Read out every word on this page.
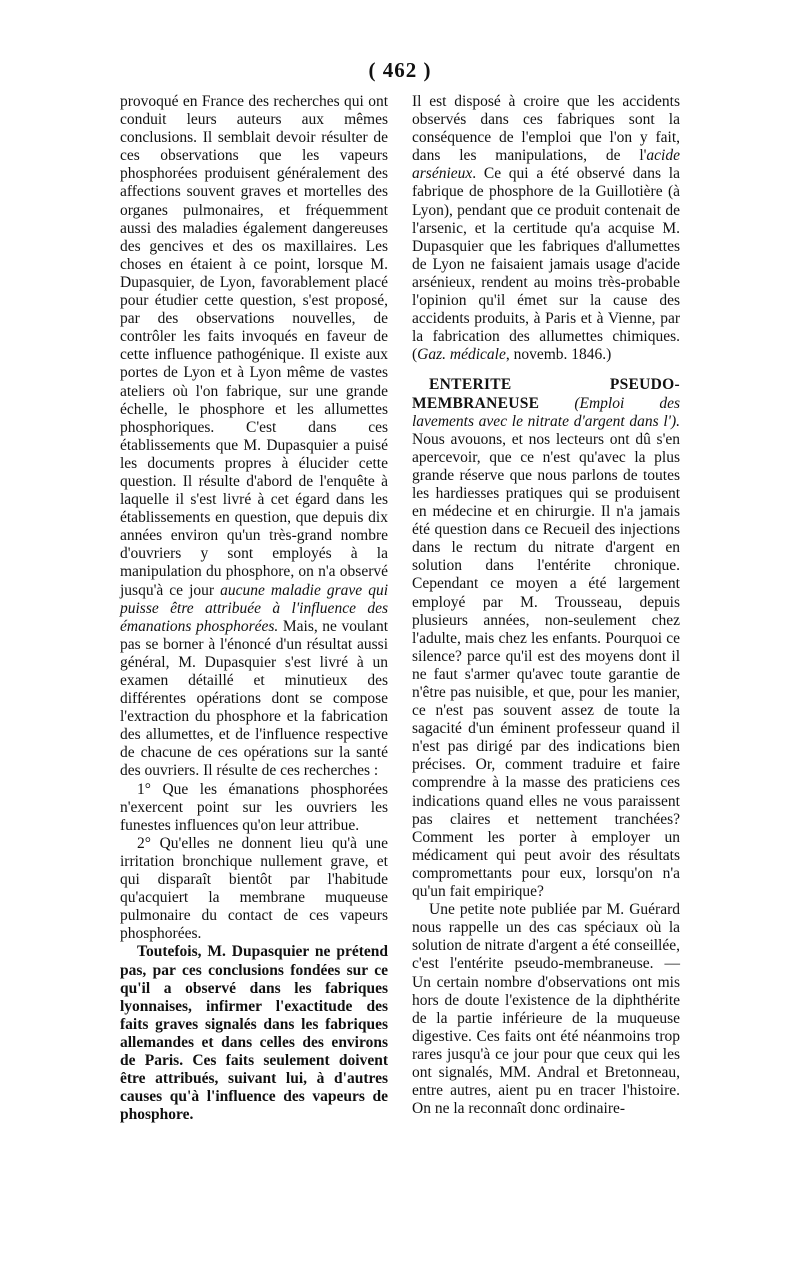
( 462 )

provoqué en France des recherches qui ont conduit leurs auteurs aux mêmes conclusions. Il semblait devoir résulter de ces observations que les vapeurs phosphorées produisent généralement des affections souvent graves et mortelles des organes pulmonaires, et fréquemment aussi des maladies également dangereuses des gencives et des os maxillaires. Les choses en étaient à ce point, lorsque M. Dupasquier, de Lyon, favorablement placé pour étudier cette question, s'est proposé, par des observations nouvelles, de contrôler les faits invoqués en faveur de cette influence pathogénique. Il existe aux portes de Lyon et à Lyon même de vastes ateliers où l'on fabrique, sur une grande échelle, le phosphore et les allumettes phosphoriques. C'est dans ces établissements que M. Dupasquier a puisé les documents propres à élucider cette question. Il résulte d'abord de l'enquête à laquelle il s'est livré à cet égard dans les établissements en question, que depuis dix années environ qu'un très-grand nombre d'ouvriers y sont employés à la manipulation du phosphore, on n'a observé jusqu'à ce jour aucune maladie grave qui puisse être attribuée à l'influence des émanations phosphorées. Mais, ne voulant pas se borner à l'énoncé d'un résultat aussi général, M. Dupasquier s'est livré à un examen détaillé et minutieux des différentes opérations dont se compose l'extraction du phosphore et la fabrication des allumettes, et de l'influence respective de chacune de ces opérations sur la santé des ouvriers. Il résulte de ces recherches :

1° Que les émanations phosphorées n'exercent point sur les ouvriers les funestes influences qu'on leur attribue.

2° Qu'elles ne donnent lieu qu'à une irritation bronchique nullement grave, et qui disparaît bientôt par l'habitude qu'acquiert la membrane muqueuse pulmonaire du contact de ces vapeurs phosphorées.

Toutefois, M. Dupasquier ne prétend pas, par ces conclusions fondées sur ce qu'il a observé dans les fabriques lyonnaises, infirmer l'exactitude des faits graves signalés dans les fabriques allemandes et dans celles des environs de Paris. Ces faits seulement doivent être attribués, suivant lui, à d'autres causes qu'à l'influence des vapeurs de phosphore.

Il est disposé à croire que les accidents observés dans ces fabriques sont la conséquence de l'emploi que l'on y fait, dans les manipulations, de l'acide arsénieux. Ce qui a été observé dans la fabrique de phosphore de la Guillotière (à Lyon), pendant que ce produit contenait de l'arsenic, et la certitude qu'a acquise M. Dupasquier que les fabriques d'allumettes de Lyon ne faisaient jamais usage d'acide arsénieux, rendent au moins très-probable l'opinion qu'il émet sur la cause des accidents produits, à Paris et à Vienne, par la fabrication des allumettes chimiques. (Gaz. médicale, novemb. 1846.)

ENTERITE PSEUDO-MEMBRANEUSE (Emploi des lavements avec le nitrate d'argent dans l'). Nous avouons, et nos lecteurs ont dû s'en apercevoir, que ce n'est qu'avec la plus grande réserve que nous parlons de toutes les hardiesses pratiques qui se produisent en médecine et en chirurgie. Il n'a jamais été question dans ce Recueil des injections dans le rectum du nitrate d'argent en solution dans l'entérite chronique. Cependant ce moyen a été largement employé par M. Trousseau, depuis plusieurs années, non-seulement chez l'adulte, mais chez les enfants. Pourquoi ce silence? parce qu'il est des moyens dont il ne faut s'armer qu'avec toute garantie de n'être pas nuisible, et que, pour les manier, ce n'est pas souvent assez de toute la sagacité d'un éminent professeur quand il n'est pas dirigé par des indications bien précises. Or, comment traduire et faire comprendre à la masse des praticiens ces indications quand elles ne vous paraissent pas claires et nettement tranchées? Comment les porter à employer un médicament qui peut avoir des résultats compromettants pour eux, lorsqu'on n'a qu'un fait empirique?

Une petite note publiée par M. Guérard nous rappelle un des cas spéciaux où la solution de nitrate d'argent a été conseillée, c'est l'entérite pseudo-membraneuse. — Un certain nombre d'observations ont mis hors de doute l'existence de la diphthérite de la partie inférieure de la muqueuse digestive. Ces faits ont été néanmoins trop rares jusqu'à ce jour pour que ceux qui les ont signalés, MM. Andral et Bretonneau, entre autres, aient pu en tracer l'histoire. On ne la reconnaît donc ordinaire-
